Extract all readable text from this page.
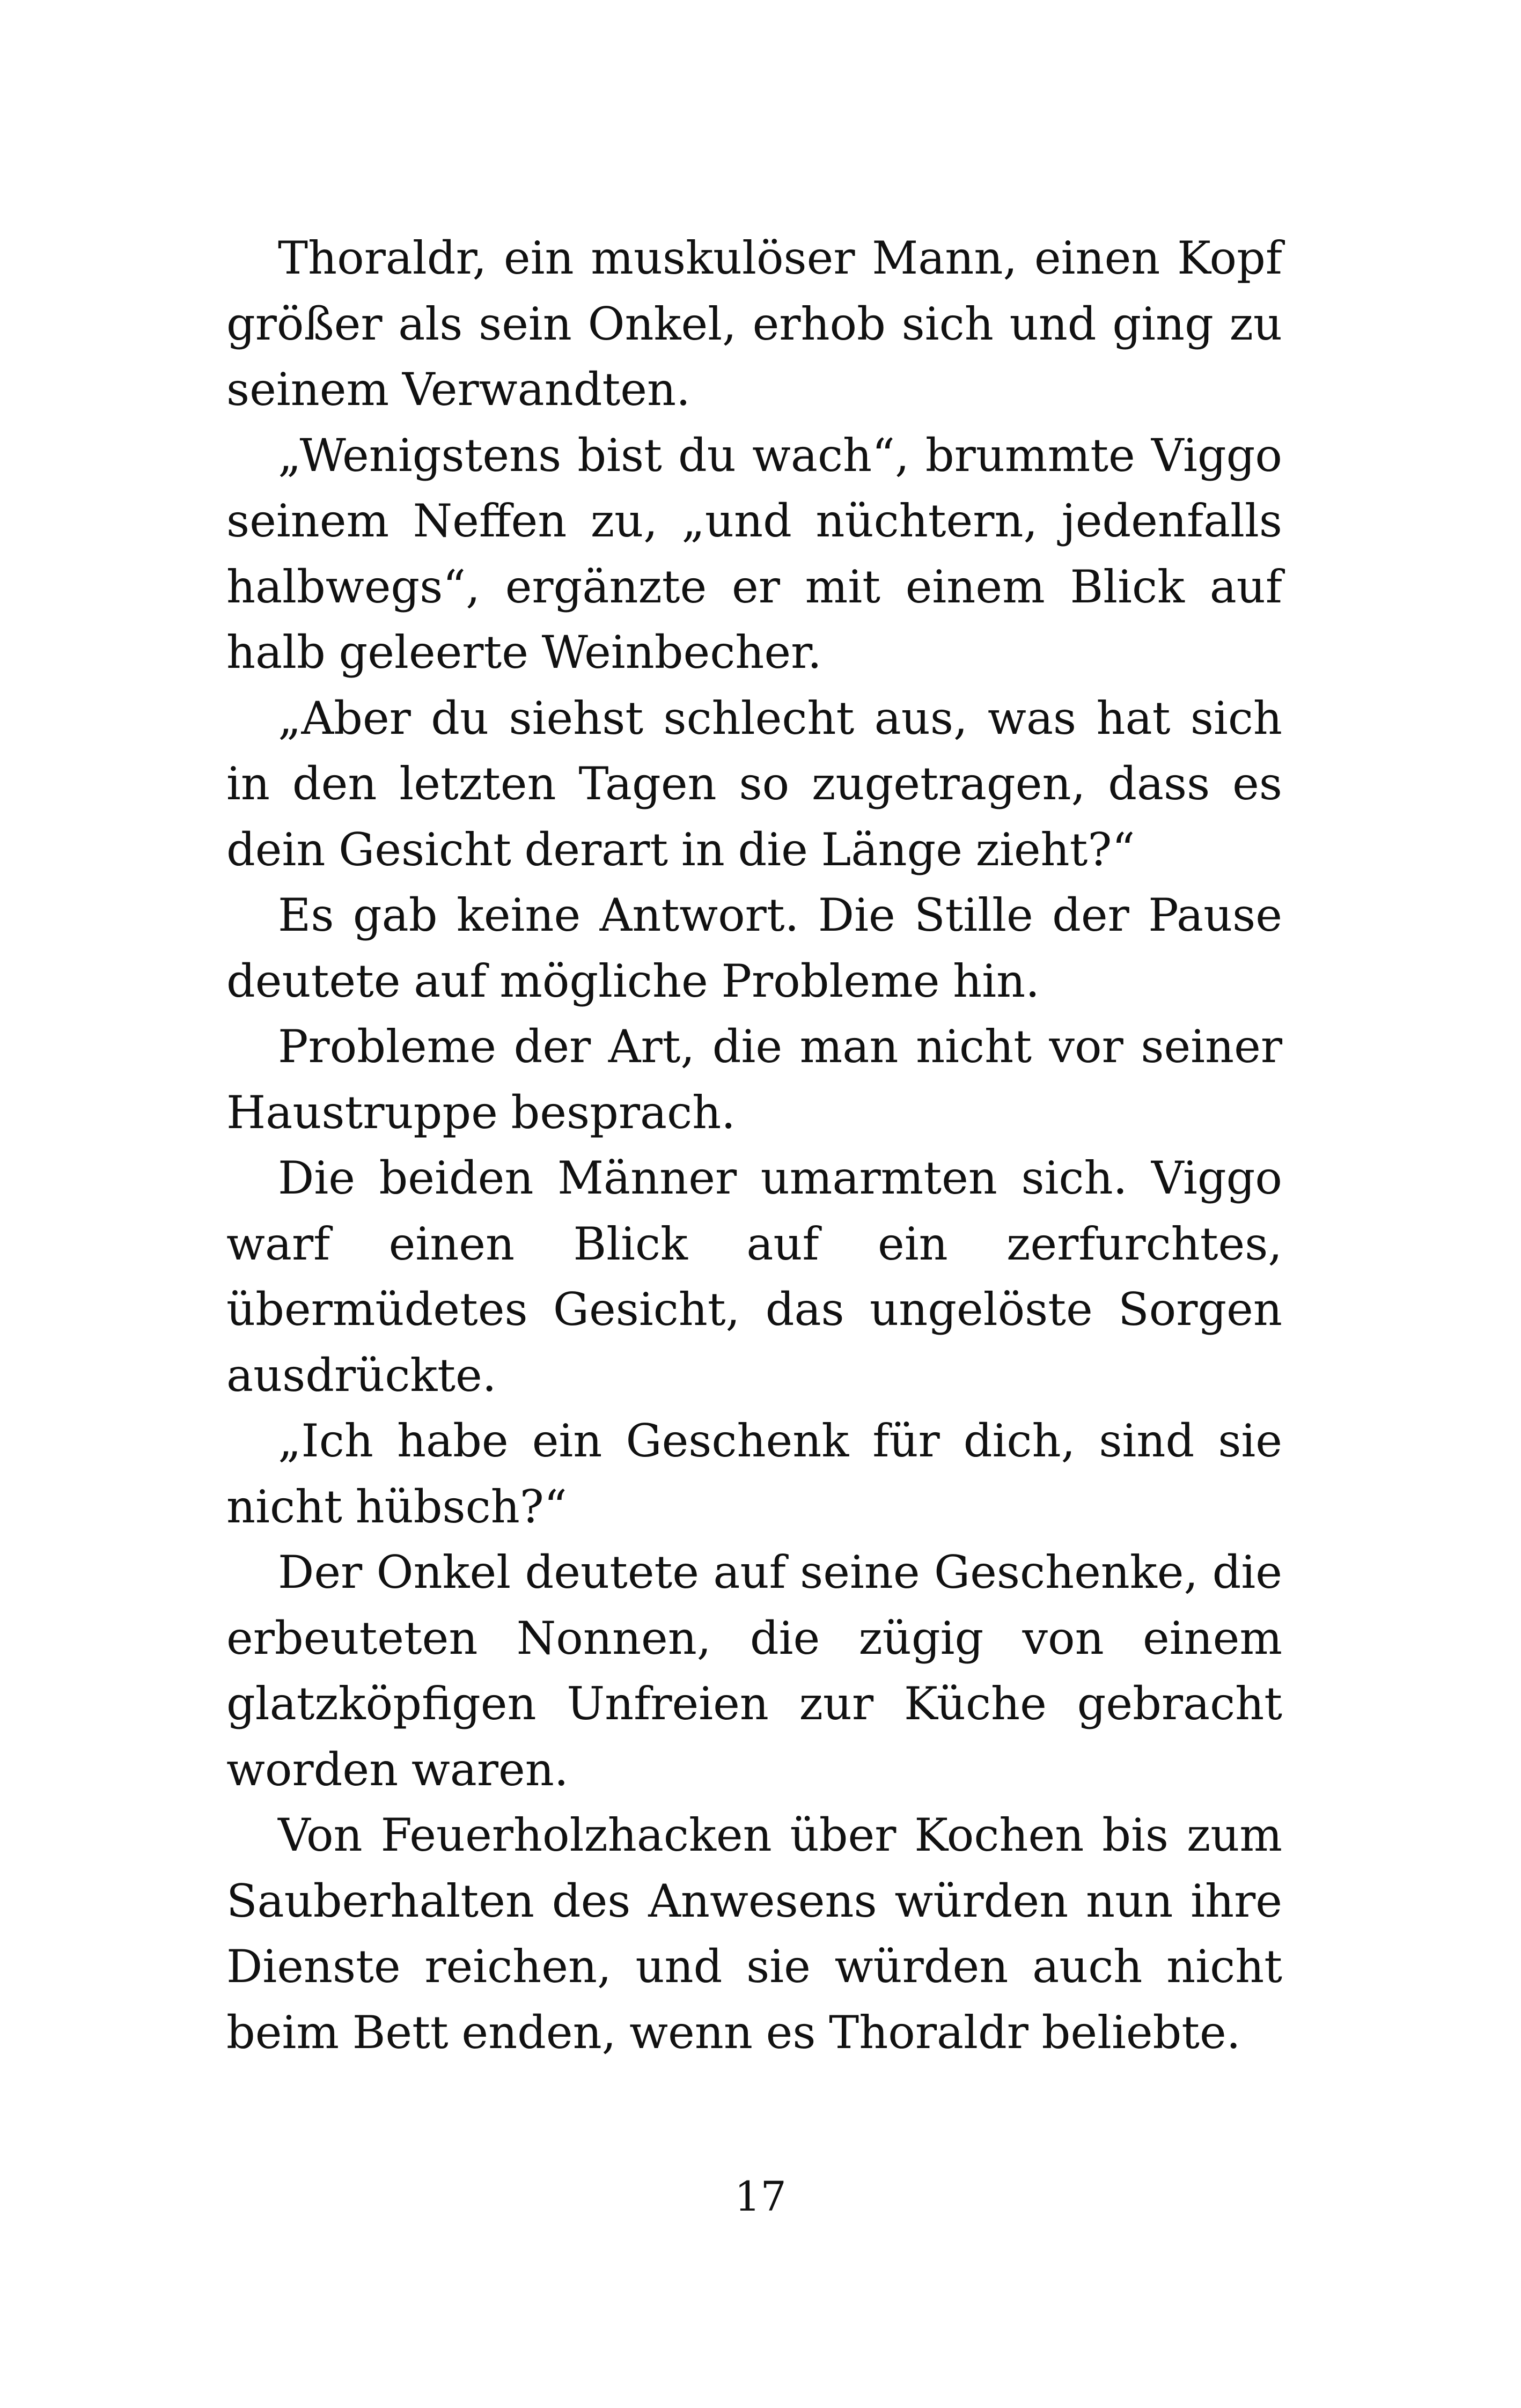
Thoraldr, ein muskulöser Mann, einen Kopf größer als sein Onkel, erhob sich und ging zu seinem Verwandten.

„Wenigstens bist du wach“, brummte Viggo seinem Neffen zu, „und nüchtern, jedenfalls halbwegs“, ergänzte er mit einem Blick auf halb geleerte Weinbecher.

„Aber du siehst schlecht aus, was hat sich in den letzten Tagen so zugetragen, dass es dein Gesicht derart in die Länge zieht?“

Es gab keine Antwort. Die Stille der Pause deutete auf mögliche Probleme hin.

Probleme der Art, die man nicht vor seiner Haustruppe besprach.

Die beiden Männer umarmten sich. Viggo warf einen Blick auf ein zerfurchtes, übermüdetes Gesicht, das ungelöste Sorgen ausdrückte.

„Ich habe ein Geschenk für dich, sind sie nicht hübsch?“

Der Onkel deutete auf seine Geschenke, die erbeuteten Nonnen, die zügig von einem glatzköpfigen Unfreien zur Küche gebracht worden waren.

Von Feuerholzhacken über Kochen bis zum Sauberhalten des Anwesens würden nun ihre Dienste reichen, und sie würden auch nicht beim Bett enden, wenn es Thoraldr beliebte.

17
